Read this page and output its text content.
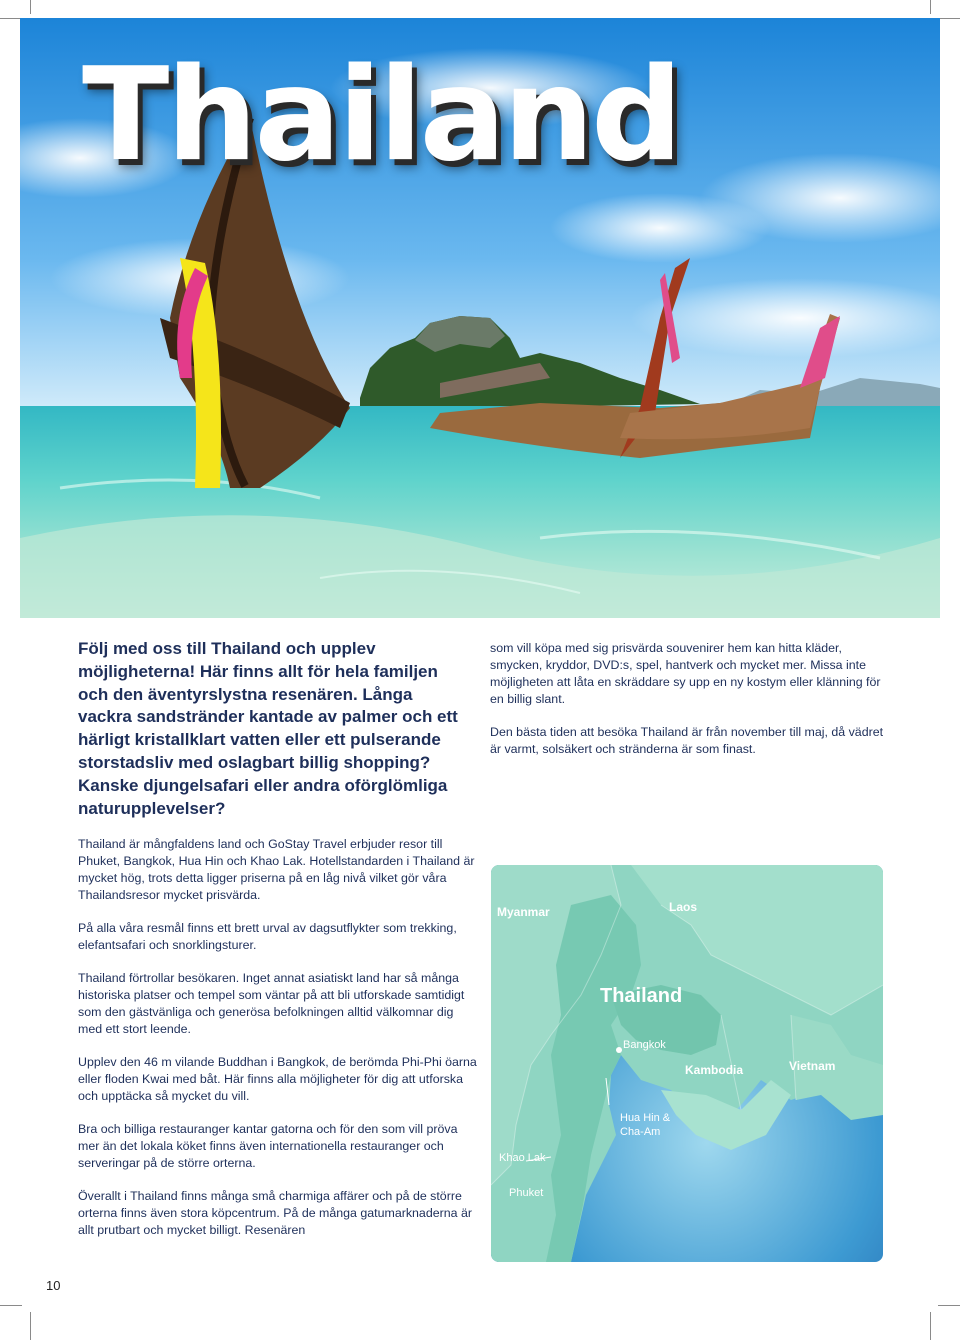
Thailand

Följ med oss till Thailand och upplev möjligheterna! Här finns allt för hela familjen och den äventyrslystna resenären. Långa vackra sandstränder kantade av palmer och ett härligt kristallklart vatten eller ett pulserande storstadsliv med oslagbart billig shopping? Kanske djungelsafari eller andra oförglömliga naturupplevelser?

Thailand är mångfaldens land och GoStay Travel erbjuder resor till Phuket, Bangkok, Hua Hin och Khao Lak. Hotellstandarden i Thailand är mycket hög, trots detta ligger priserna på en låg nivå vilket gör våra Thailandsresor mycket prisvärda.

På alla våra resmål finns ett brett urval av dagsutflykter som trekking, elefantsafari och snorklingsturer.

Thailand förtrollar besökaren. Inget annat asiatiskt land har så många historiska platser och tempel som väntar på att bli utforskade samtidigt som den gästvänliga och generösa befolkningen alltid välkomnar dig med ett stort leende.

Upplev den 46 m vilande Buddhan i Bangkok, de berömda Phi-Phi öarna eller floden Kwai med båt. Här finns alla möjligheter för dig att utforska och upptäcka så mycket du vill.

Bra och billiga restauranger kantar gatorna och för den som vill pröva mer än det lokala köket finns även internationella restauranger och serveringar på de större orterna.

Överallt i Thailand finns många små charmiga affärer och på de större orterna finns även stora köpcentrum. På de många gatumarknaderna är allt prutbart och mycket billigt. Resenären

som vill köpa med sig prisvärda souvenirer hem kan hitta kläder, smycken, kryddor, DVD:s, spel, hantverk och mycket mer. Missa inte möjligheten att låta en skräddare sy upp en ny kostym eller klänning för en billig slant.

Den bästa tiden att besöka Thailand är från november till maj, då vädret är varmt, solsäkert och stränderna är som finast.

Myanmar	Laos
Thailand
Bangkok
Kambodia	Vietnam
Hua Hin & Cha-Am
Khao Lak
Phuket
10
